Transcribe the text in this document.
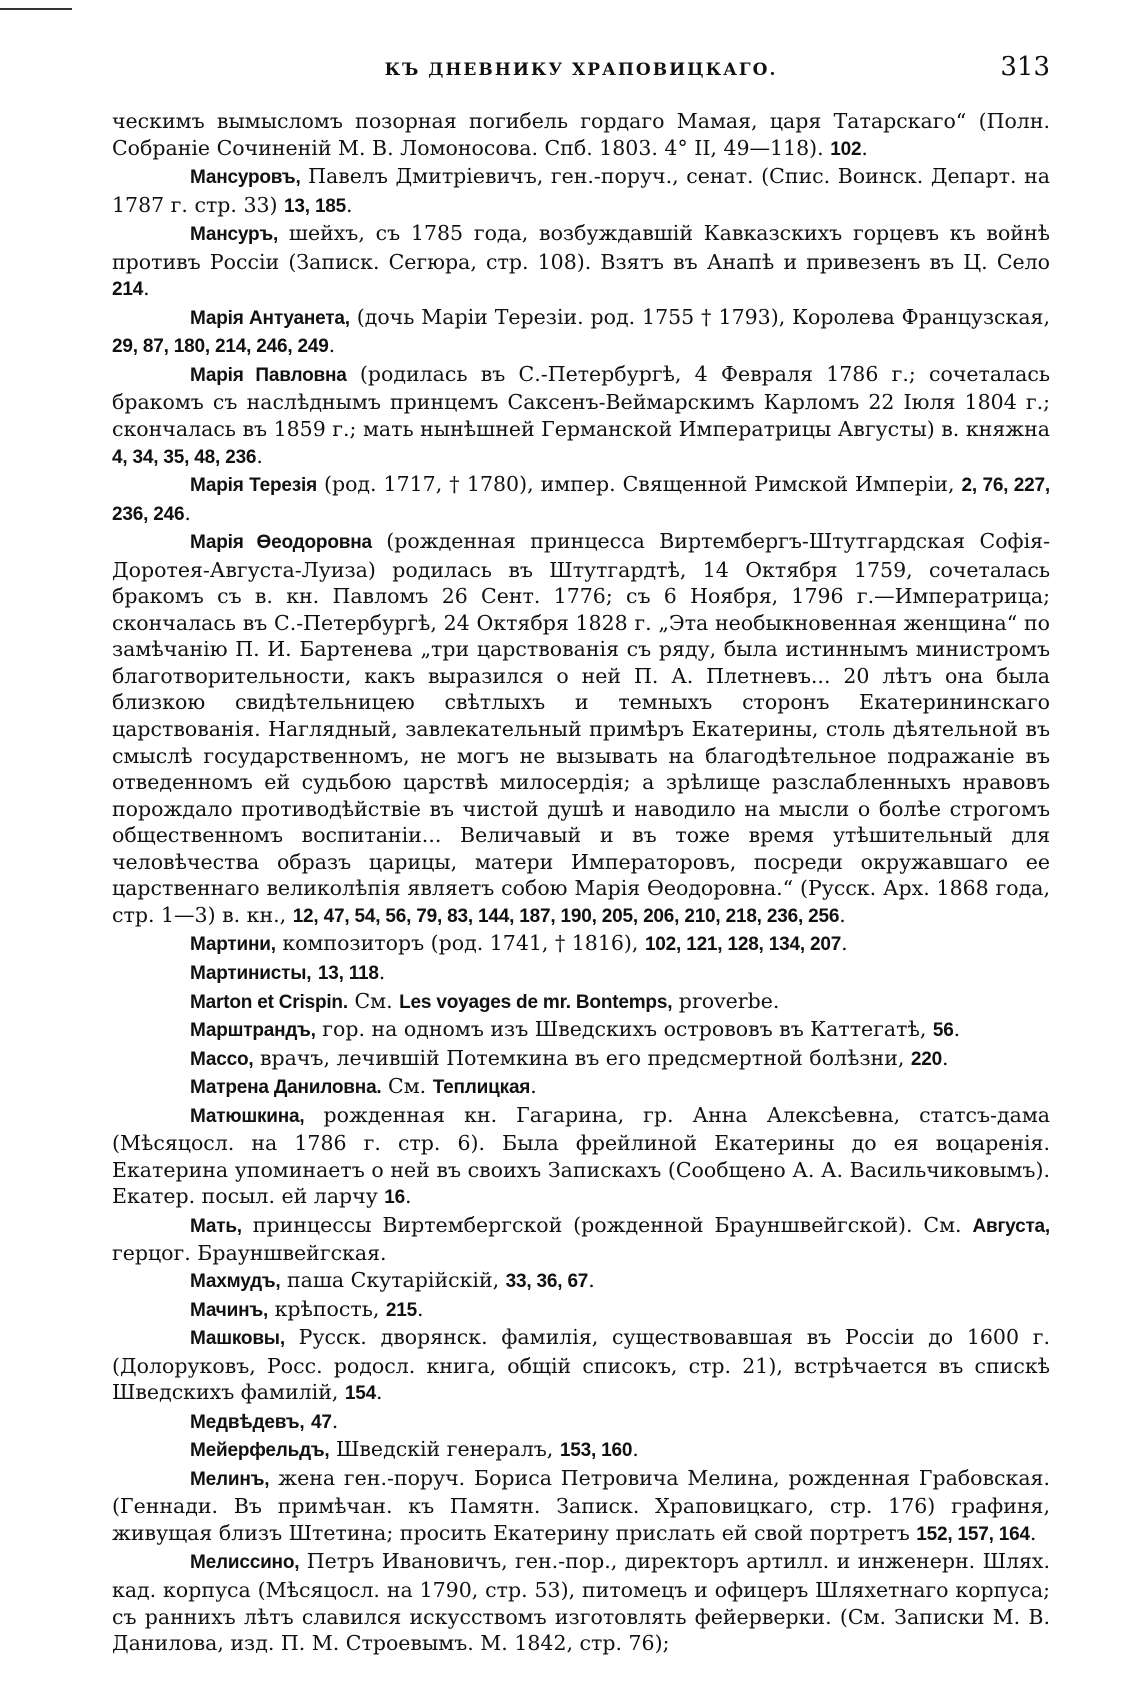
КЪ ДНЕВНИКУ ХРАПОВИЦКАГО.	313

ческимъ вымысломъ позорная погибель гордаго Мамая, царя Татарскаго“ (Полн. Собраніе Сочиненій М. В. Ломоносова. Спб. 1803. 4° II, 49—118). 102.

Мансуровъ, Павелъ Дмитріевичъ, ген.-поруч., сенат. (Спис. Воинск. Департ. на 1787 г. стр. 33) 13, 185.

Мансуръ, шейхъ, съ 1785 года, возбуждавшій Кавказскихъ горцевъ къ войнѣ противъ Россіи (Записк. Сегюра, стр. 108). Взятъ въ Анапѣ и привезенъ въ Ц. Село 214.

Марія Антуанета, (дочь Маріи Терезіи. род. 1755 † 1793), Королева Французская, 29, 87, 180, 214, 246, 249.

Марія Павловна (родилась въ С.-Петербургѣ, 4 Февраля 1786 г.; сочеталась бракомъ съ наслѣднымъ принцемъ Саксенъ-Веймарскимъ Карломъ 22 Іюля 1804 г.; скончалась въ 1859 г.; мать нынѣшней Германской Императрицы Августы) в. княжна 4, 34, 35, 48, 236.

Марія Терезія (род. 1717, † 1780), импер. Священной Римской Имперіи, 2, 76, 227, 236, 246.

Марія Өеодоровна (рожденная принцесса Виртембергъ-Штутгардская Софія-Доротея-Августа-Луиза) родилась въ Штутгардтѣ, 14 Октября 1759, сочеталась бракомъ съ в. кн. Павломъ 26 Сент. 1776; съ 6 Ноября, 1796 г.—Императрица; скончалась въ С.-Петербургѣ, 24 Октября 1828 г. „Эта необыкновенная женщина“ по замѣчанію П. И. Бартенева „три царствованія съ ряду, была истиннымъ министромъ благотворительности, какъ выразился о ней П. А. Плетневъ... 20 лѣтъ она была близкою свидѣтельницею свѣтлыхъ и темныхъ сторонъ Екатерининскаго царствованія. Наглядный, завлекательный примѣръ Екатерины, столь дѣятельной въ смыслѣ государственномъ, не могъ не вызывать на благодѣтельное подражаніе въ отведенномъ ей судьбою царствѣ милосердія; а зрѣлище разслабленныхъ нравовъ порождало противодѣйствіе въ чистой душѣ и наводило на мысли о болѣе строгомъ общественномъ воспитаніи... Величавый и въ тоже время утѣшительный для человѣчества образъ царицы, матери Императоровъ, посреди окружавшаго ее царственнаго великолѣпія являетъ собою Марія Өеодоровна.“ (Русск. Арх. 1868 года, стр. 1—3) в. кн., 12, 47, 54, 56, 79, 83, 144, 187, 190, 205, 206, 210, 218, 236, 256.

Мартини, композиторъ (род. 1741, † 1816), 102, 121, 128, 134, 207.

Мартинисты, 13, 118.

Marton et Crispin. См. Les voyages de mr. Bontemps, proverbe.

Марштрандъ, гор. на одномъ изъ Шведскихъ острововъ въ Каттегатѣ, 56.

Массо, врачъ, лечившій Потемкина въ его предсмертной болѣзни, 220.

Матрена Даниловна. См. Теплицкая.

Матюшкина, рожденная кн. Гагарина, гр. Анна Алексѣевна, статсъ-дама (Мѣсяцосл. на 1786 г. стр. 6). Была фрейлиной Екатерины до ея воцаренія. Екатерина упоминаетъ о ней въ своихъ Запискахъ (Сообщено А. А. Васильчиковымъ). Екатер. посыл. ей ларчу 16.

Мать, принцессы Виртембергской (рожденной Брауншвейгской). См. Августа, герцог. Брауншвейгская.

Махмудъ, паша Скутарійскій, 33, 36, 67.

Мачинъ, крѣпость, 215.

Машковы, Русск. дворянск. фамилія, существовавшая въ Россіи до 1600 г. (Долоруковъ, Росс. родосл. книга, общій списокъ, стр. 21), встрѣчается въ спискѣ Шведскихъ фамилій, 154.

Медвѣдевъ, 47.

Мейерфельдъ, Шведскій генералъ, 153, 160.

Мелинъ, жена ген.-поруч. Бориса Петровича Мелина, рожденная Грабовская. (Геннади. Въ примѣчан. къ Памятн. Записк. Храповицкаго, стр. 176) графиня, живущая близъ Штетина; просить Екатерину прислать ей свой портретъ 152, 157, 164.

Мелиссино, Петръ Ивановичъ, ген.-пор., директоръ артилл. и инженерн. Шлях. кад. корпуса (Мѣсяцосл. на 1790, стр. 53), питомецъ и офицеръ Шляхетнаго корпуса; съ раннихъ лѣтъ славился искусствомъ изготовлять фейерверки. (См. Записки М. В. Данилова, изд. П. М. Строевымъ. М. 1842, стр. 76);
